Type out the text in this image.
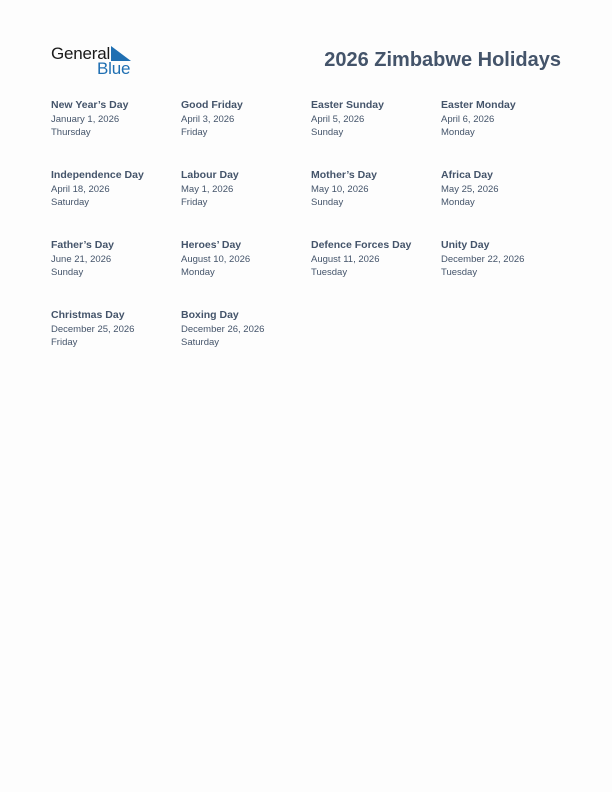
General
Blue	2026 Zimbabwe Holidays
New Year’s Day
January 1, 2026
Thursday
Good Friday
April 3, 2026
Friday
Easter Sunday
April 5, 2026
Sunday
Easter Monday
April 6, 2026
Monday
Independence Day
April 18, 2026
Saturday
Labour Day
May 1, 2026
Friday
Mother’s Day
May 10, 2026
Sunday
Africa Day
May 25, 2026
Monday
Father’s Day
June 21, 2026
Sunday
Heroes’ Day
August 10, 2026
Monday
Defence Forces Day
August 11, 2026
Tuesday
Unity Day
December 22, 2026
Tuesday
Christmas Day
December 25, 2026
Friday
Boxing Day
December 26, 2026
Saturday
